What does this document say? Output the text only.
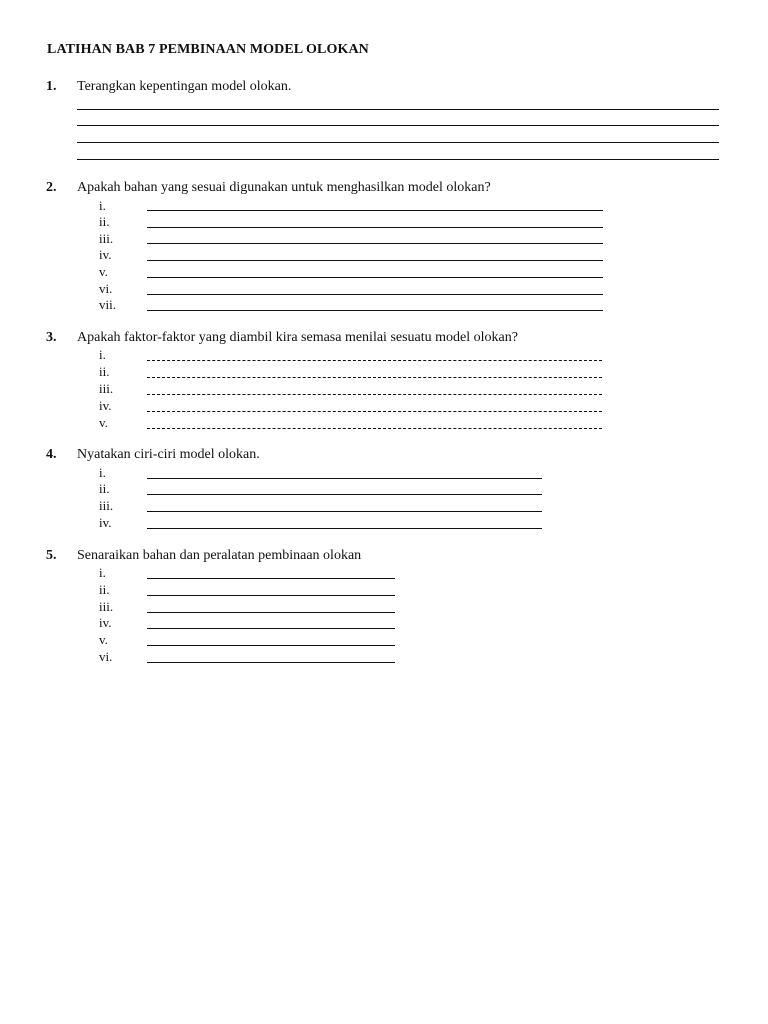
LATIHAN BAB 7 PEMBINAAN MODEL OLOKAN
1. Terangkan kepentingan model olokan.
2. Apakah bahan yang sesuai digunakan untuk menghasilkan model olokan?
i.
ii.
iii.
iv.
v.
vi.
vii.
3. Apakah faktor-faktor yang diambil kira semasa menilai sesuatu model olokan?
i.
ii.
iii.
iv.
v.
4. Nyatakan ciri-ciri model olokan.
i.
ii.
iii.
iv.
5. Senaraikan bahan dan peralatan pembinaan olokan
i.
ii.
iii.
iv.
v.
vi.
